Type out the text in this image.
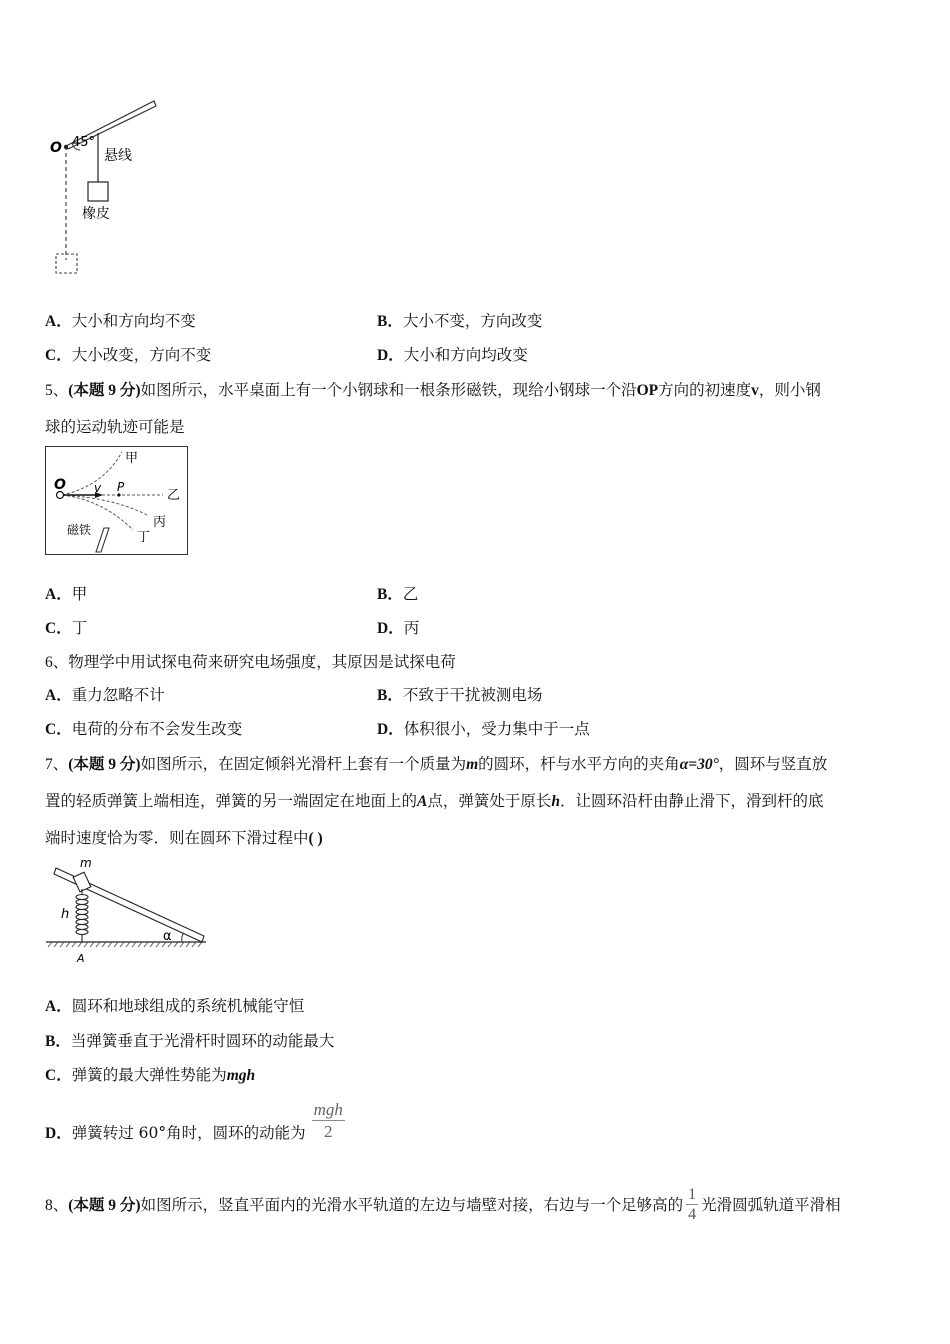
O 45°
悬线
橡皮
A．大小和方向均不变	B．大小不变，方向改变
C．大小改变，方向不变	D．大小和方向均改变
5、(本题 9 分)如图所示，水平桌面上有一个小钢球和一根条形磁铁，现给小钢球一个沿OP方向的初速度v，则小钢
球的运动轨迹可能是
甲
O v P
乙
丙
丁
磁铁
A．甲	B．乙
C．丁	D．丙
6、物理学中用试探电荷来研究电场强度，其原因是试探电荷
A．重力忽略不计	B．不致于干扰被测电场
C．电荷的分布不会发生改变	D．体积很小，受力集中于一点
7、(本题 9 分)如图所示，在固定倾斜光滑杆上套有一个质量为m的圆环，杆与水平方向的夹角α=30°，圆环与竖直放
置的轻质弹簧上端相连，弹簧的另一端固定在地面上的A点，弹簧处于原长h．让圆环沿杆由静止滑下，滑到杆的底
端时速度恰为零．则在圆环下滑过程中( )
m
h
α
A
A．圆环和地球组成的系统机械能守恒
B．当弹簧垂直于光滑杆时圆环的动能最大
C．弹簧的最大弹性势能为mgh
D．弹簧转过 60°角时，圆环的动能为 $\frac{\text{mgh}}{2}$
8、(本题 9 分)如图所示，竖直平面内的光滑水平轨道的左边与墙壁对接，右边与一个足够高的 $\frac{1}{4}$ 光滑圆弧轨道平滑相
